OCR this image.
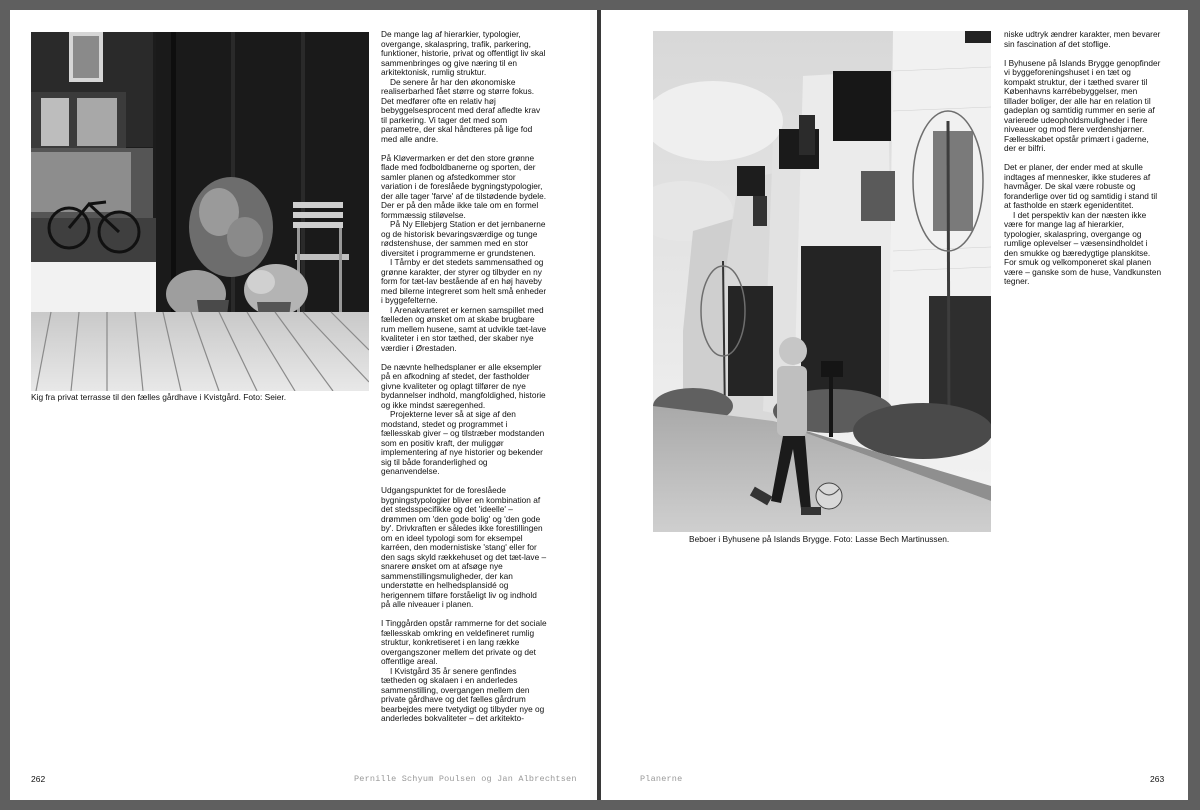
Kig fra privat terrasse til den fælles gårdhave i Kvistgård. Foto: Seier.

De mange lag af hierarkier, typologier, overgange, skalaspring, trafik, parkering, funktioner, historie, privat og offentligt liv skal sammenbringes og give næring til en arkitektonisk, rumlig struktur.

De senere år har den økonomiske realiserbarhed fået større og større fokus. Det medfører ofte en relativ høj bebyggelsesprocent med deraf afledte krav til parkering. Vi tager det med som parametre, der skal håndteres på lige fod med alle andre.

På Kløvermarken er det den store grønne flade med fodboldbanerne og sporten, der samler planen og afstedkommer stor variation i de foreslåede bygningstypologier, der alle tager 'farve' af de tilstødende bydele. Der er på den måde ikke tale om en formel formmæssig stiløvelse.

På Ny Ellebjerg Station er det jernbanerne og de historisk bevaringsværdige og tunge rødstenshuse, der sammen med en stor diversitet i programmerne er grundstenen.

I Tårnby er det stedets sammensathed og grønne karakter, der styrer og tilbyder en ny form for tæt-lav bestående af en høj haveby med bilerne integreret som helt små enheder i byggefelterne.

I Arenakvarteret er kernen samspillet med fælleden og ønsket om at skabe brugbare rum mellem husene, samt at udvikle tæt-lave kvaliteter i en stor tæthed, der skaber nye værdier i Ørestaden.

De nævnte helhedsplaner er alle eksempler på en afkodning af stedet, der fastholder givne kvaliteter og oplagt tilfører de nye bydannelser indhold, mangfoldighed, historie og ikke mindst særegenhed.

Projekterne lever så at sige af den modstand, stedet og programmet i fællesskab giver – og tilstræber modstanden som en positiv kraft, der muliggør implementering af nye historier og bekender sig til både foranderlighed og genanvendelse.

Udgangspunktet for de foreslåede bygningstypologier bliver en kombination af det stedsspecifikke og det 'ideelle' – drømmen om 'den gode bolig' og 'den gode by'. Drivkraften er således ikke forestillingen om en ideel typologi som for eksempel karréen, den modernistiske 'stang' eller for den sags skyld rækkehuset og det tæt-lave – snarere ønsket om at afsøge nye sammenstillingsmuligheder, der kan understøtte en helhedsplansidé og herigennem tilføre forståeligt liv og indhold på alle niveauer i planen.

I Tinggården opstår rammerne for det sociale fællesskab omkring en veldefineret rumlig struktur, konkretiseret i en lang række overgangszoner mellem det private og det offentlige areal.

I Kvistgård 35 år senere genfindes tætheden og skalaen i en anderledes sammenstilling, overgangen mellem den private gårdhave og det fælles gårdrum bearbejdes mere tvetydigt og tilbyder nye og anderledes bokvaliteter – det arkitekto-

262	Pernille Schyum Poulsen og Jan Albrechtsen
Beboer i Byhusene på Islands Brygge. Foto: Lasse Bech Martinussen.

niske udtryk ændrer karakter, men bevarer sin fascination af det stoflige.

I Byhusene på Islands Brygge genopfinder vi byggeforeningshuset i en tæt og kompakt struktur, der i tæthed svarer til Københavns karrébebyggelser, men tillader boliger, der alle har en relation til gadeplan og samtidig rummer en serie af varierede udeopholdsmuligheder i flere niveauer og mod flere verdenshjørner. Fællesskabet opstår primært i gaderne, der er bilfri.

Det er planer, der ender med at skulle indtages af mennesker, ikke studeres af havmåger. De skal være robuste og foranderlige over tid og samtidig i stand til at fastholde en stærk egenidentitet.

I det perspektiv kan der næsten ikke være for mange lag af hierarkier, typologier, skalaspring, overgange og rumlige oplevelser – væsensindholdet i den smukke og bæredygtige planskitse. For smuk og velkomponeret skal planen være – ganske som de huse, Vandkunsten tegner.

Planerne	263
